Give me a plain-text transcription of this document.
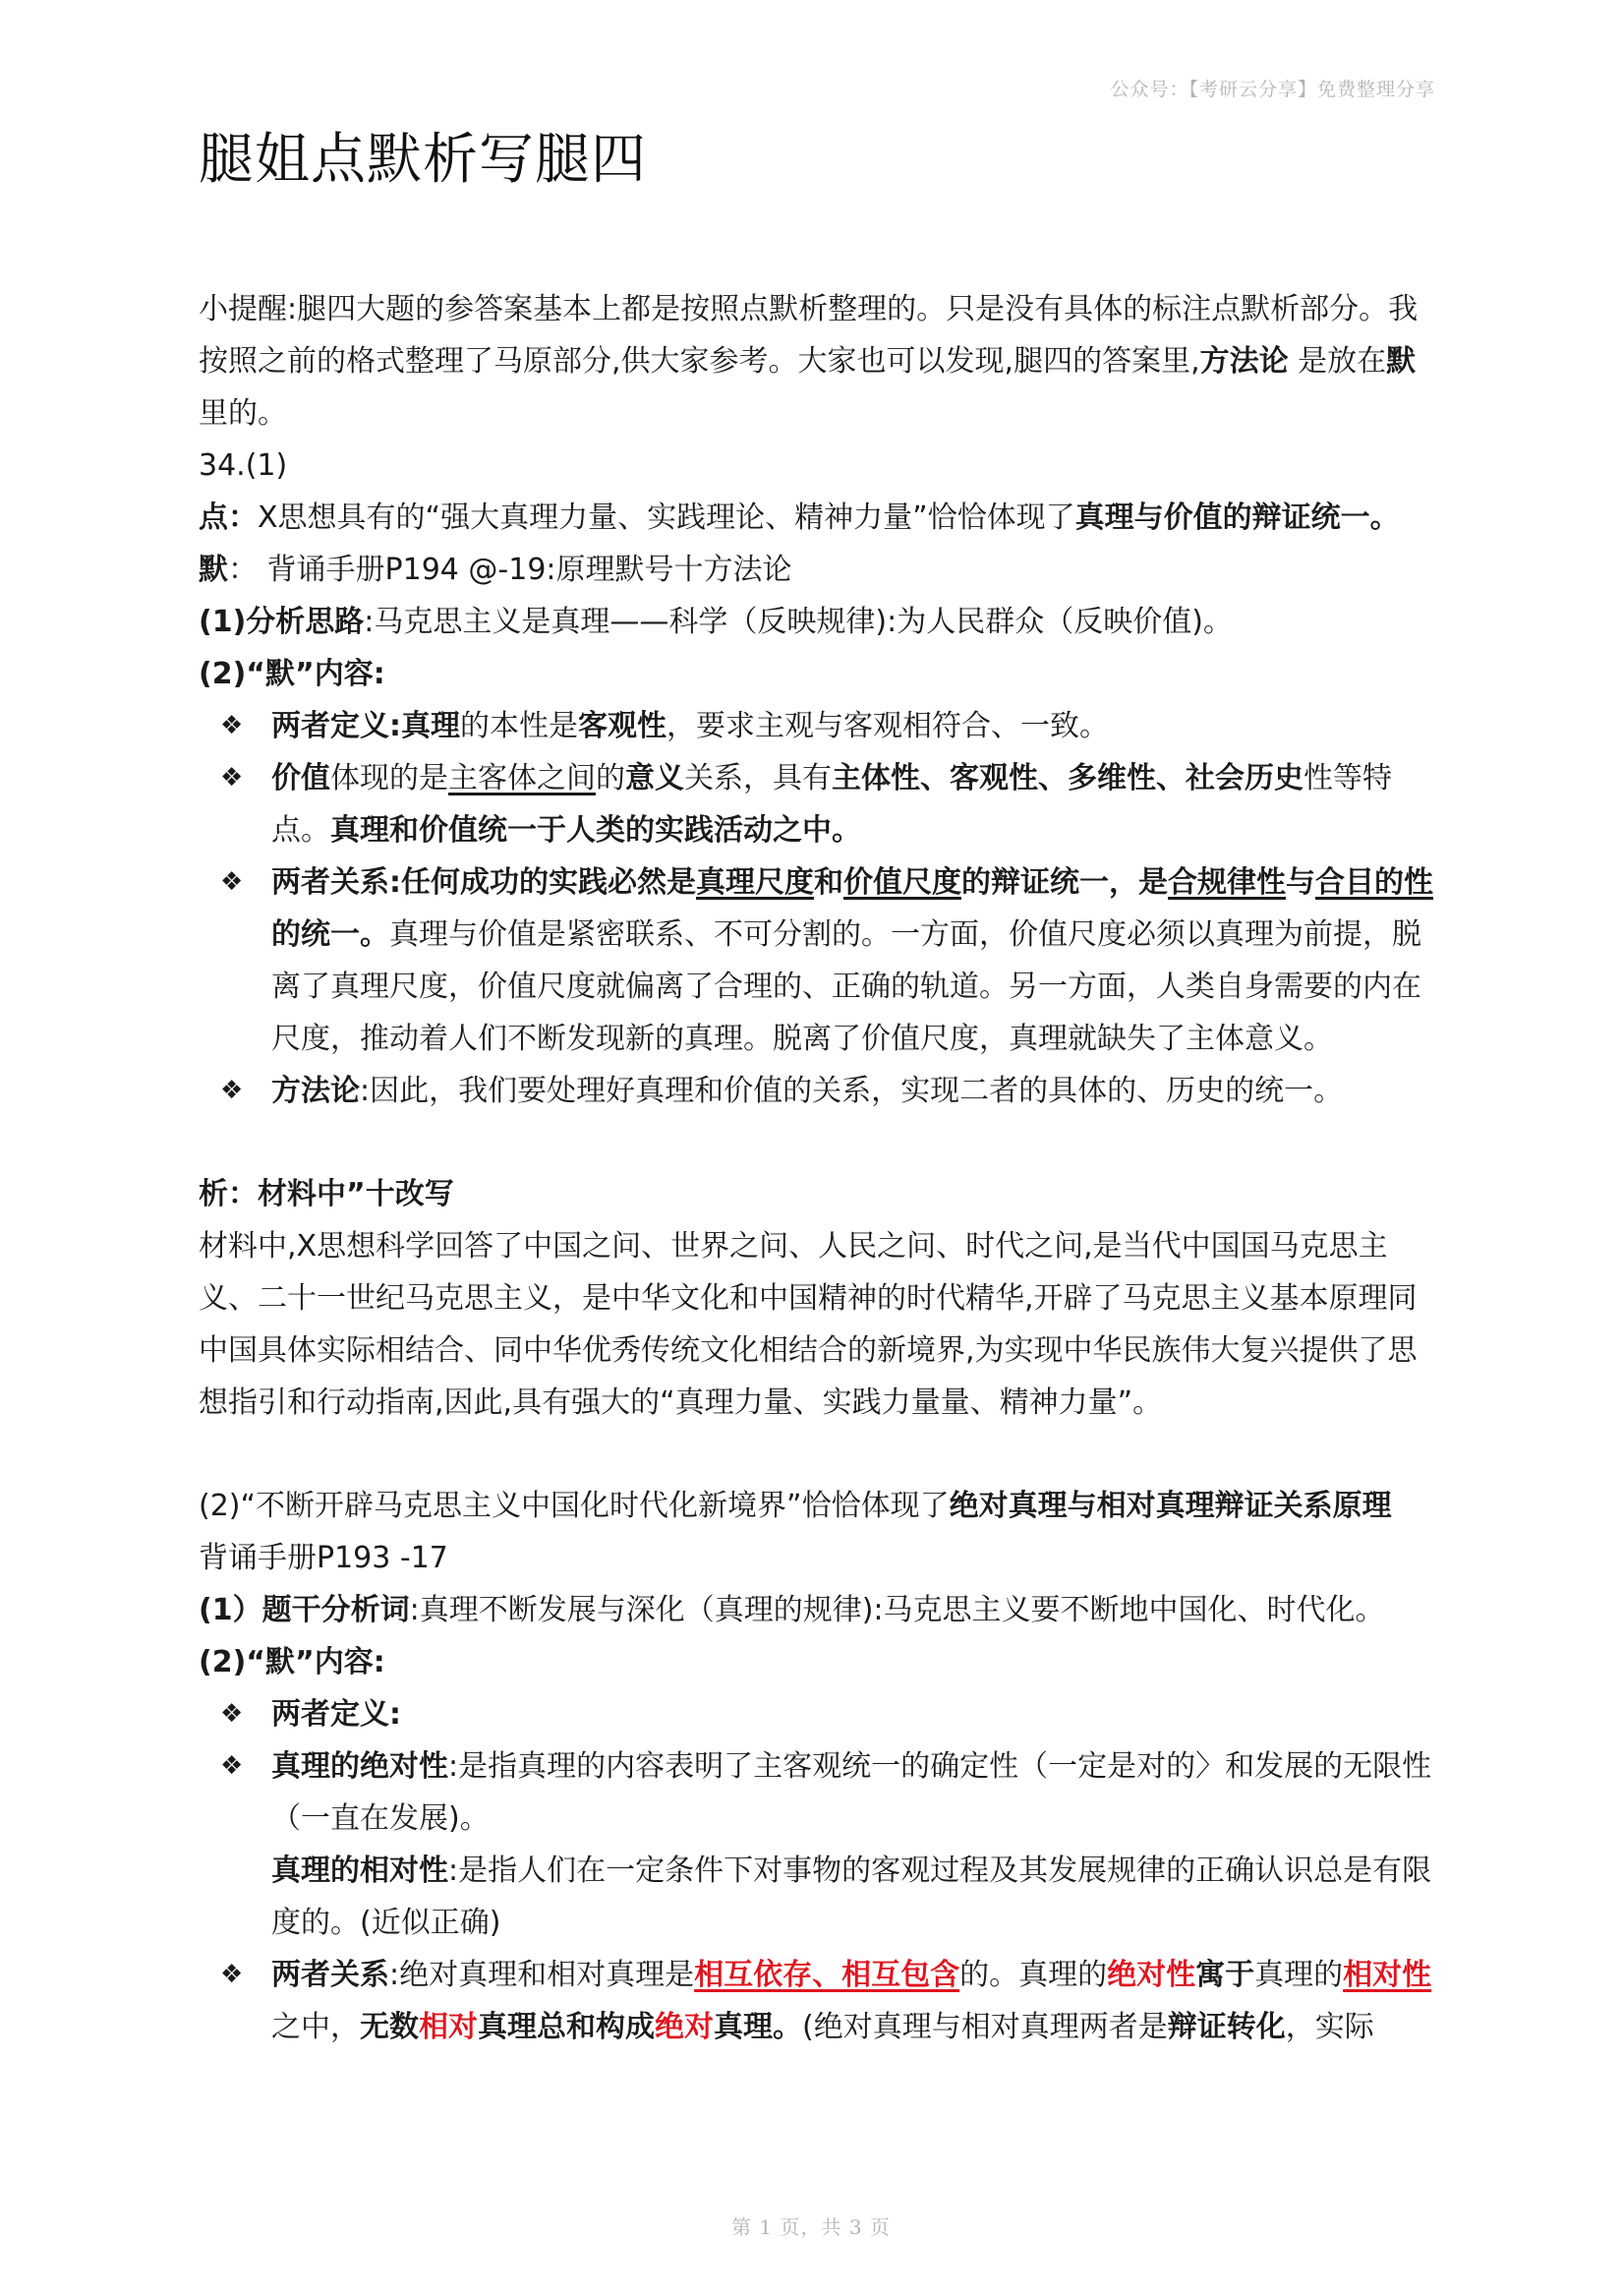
公众号：【考研云分享】免费整理分享
腿姐点默析写腿四

小提醒:腿四大题的参答案基本上都是按照点默析整理的。只是没有具体的标注点默析部分。我按照之前的格式整理了马原部分,供大家参考。大家也可以发现,腿四的答案里,方法论 是放在默里的。

34.(1)

点：X思想具有的“强大真理力量、实践理论、精神力量”恰恰体现了真理与价值的辩证统一。

默： 背诵手册P194 @-19:原理默号十方法论

(1)分析思路:马克思主义是真理——科学（反映规律):为人民群众（反映价值)。

(2)“默”内容:

❖ 两者定义:真理的本性是客观性，要求主观与客观相符合、一致。

❖ 价值体现的是主客体之间的意义关系，具有主体性、客观性、多维性、社会历史性等特点。真理和价值统一于人类的实践活动之中。

❖ 两者关系:任何成功的实践必然是真理尺度和价值尺度的辩证统一，是合规律性与合目的性的统一。真理与价值是紧密联系、不可分割的。一方面，价值尺度必须以真理为前提，脱离了真理尺度，价值尺度就偏离了合理的、正确的轨道。另一方面，人类自身需要的内在尺度，推动着人们不断发现新的真理。脱离了价值尺度，真理就缺失了主体意义。

❖ 方法论:因此，我们要处理好真理和价值的关系，实现二者的具体的、历史的统一。

析：材料中”十改写

材料中,X思想科学回答了中国之问、世界之问、人民之问、时代之问,是当代中国国马克思主义、二十一世纪马克思主义，是中华文化和中国精神的时代精华,开辟了马克思主义基本原理同中国具体实际相结合、同中华优秀传统文化相结合的新境界,为实现中华民族伟大复兴提供了思想指引和行动指南,因此,具有强大的“真理力量、实践力量量、精神力量”。

(2)“不断开辟马克思主义中国化时代化新境界”恰恰体现了绝对真理与相对真理辩证关系原理

背诵手册P193 -17

(1）题干分析词:真理不断发展与深化（真理的规律):马克思主义要不断地中国化、时代化。

(2)“默”内容:

❖ 两者定义:

❖ 真理的绝对性:是指真理的内容表明了主客观统一的确定性（一定是对的〉和发展的无限性（一直在发展)。

真理的相对性:是指人们在一定条件下对事物的客观过程及其发展规律的正确认识总是有限度的。(近似正确)

❖ 两者关系:绝对真理和相对真理是相互依存、相互包含的。真理的绝对性寓于真理的相对性之中，无数相对真理总和构成绝对真理。(绝对真理与相对真理两者是辩证转化，实际

第 1 页，共 3 页
